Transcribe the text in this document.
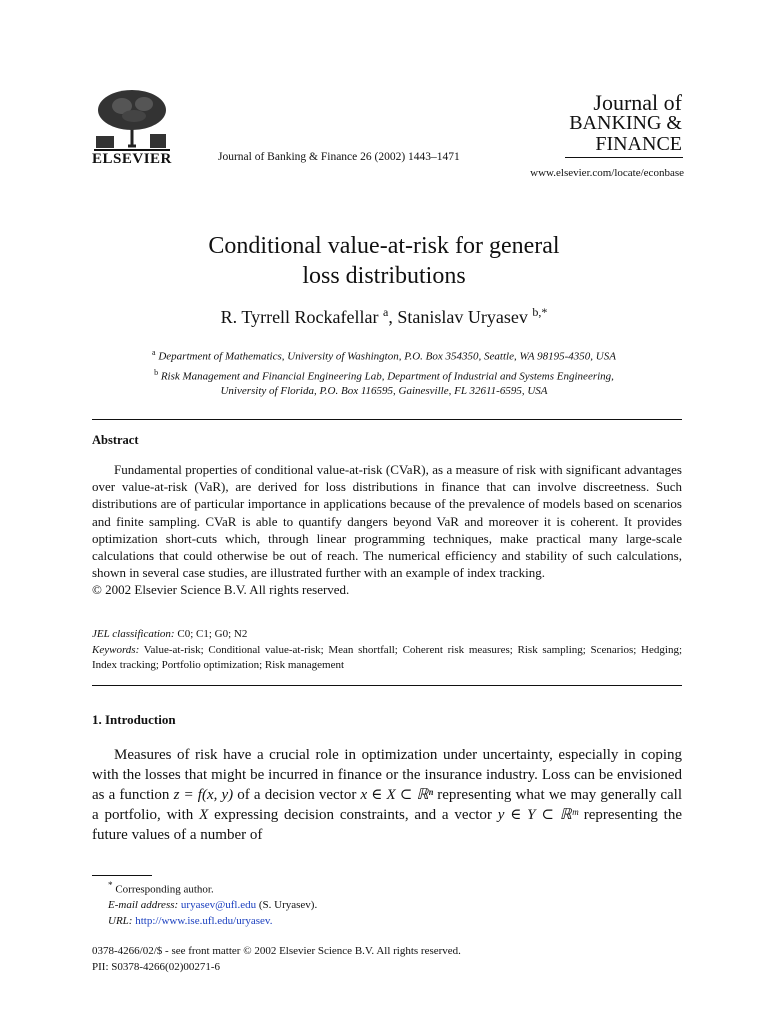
ELSEVIER	Journal of Banking & Finance 26 (2002) 1443–1471
Journal of
BANKING &
FINANCE
www.elsevier.com/locate/econbase
Conditional value-at-risk for general
loss distributions
R. Tyrrell Rockafellar $^a$, Stanislav Uryasev $^{b,*}$
$^a$ Department of Mathematics, University of Washington, P.O. Box 354350, Seattle, WA 98195-4350, USA
$^b$ Risk Management and Financial Engineering Lab, Department of Industrial and Systems Engineering,
University of Florida, P.O. Box 116595, Gainesville, FL 32611-6595, USA
Abstract
Fundamental properties of conditional value-at-risk (CVaR), as a measure of risk with significant advantages over value-at-risk (VaR), are derived for loss distributions in finance that can involve discreetness. Such distributions are of particular importance in applications because of the prevalence of models based on scenarios and finite sampling. CVaR is able to quantify dangers beyond VaR and moreover it is coherent. It provides optimization short-cuts which, through linear programming techniques, make practical many large-scale calculations that could otherwise be out of reach. The numerical efficiency and stability of such calculations, shown in several case studies, are illustrated further with an example of index tracking.
© 2002 Elsevier Science B.V. All rights reserved.
JEL classification: C0; C1; G0; N2
Keywords: Value-at-risk; Conditional value-at-risk; Mean shortfall; Coherent risk measures; Risk sampling; Scenarios; Hedging; Index tracking; Portfolio optimization; Risk management
1. Introduction
Measures of risk have a crucial role in optimization under uncertainty, especially in coping with the losses that might be incurred in finance or the insurance industry. Loss can be envisioned as a function z = f(x, y) of a decision vector x ∈ X ⊂ ℝⁿ representing what we may generally call a portfolio, with X expressing decision constraints, and a vector y ∈ Y ⊂ ℝᵐ representing the future values of a number of
* Corresponding author.
E-mail address: uryasev@ufl.edu (S. Uryasev).
URL: http://www.ise.ufl.edu/uryasev.
0378-4266/02/$ - see front matter © 2002 Elsevier Science B.V. All rights reserved.
PII: S0378-4266(02)00271-6
